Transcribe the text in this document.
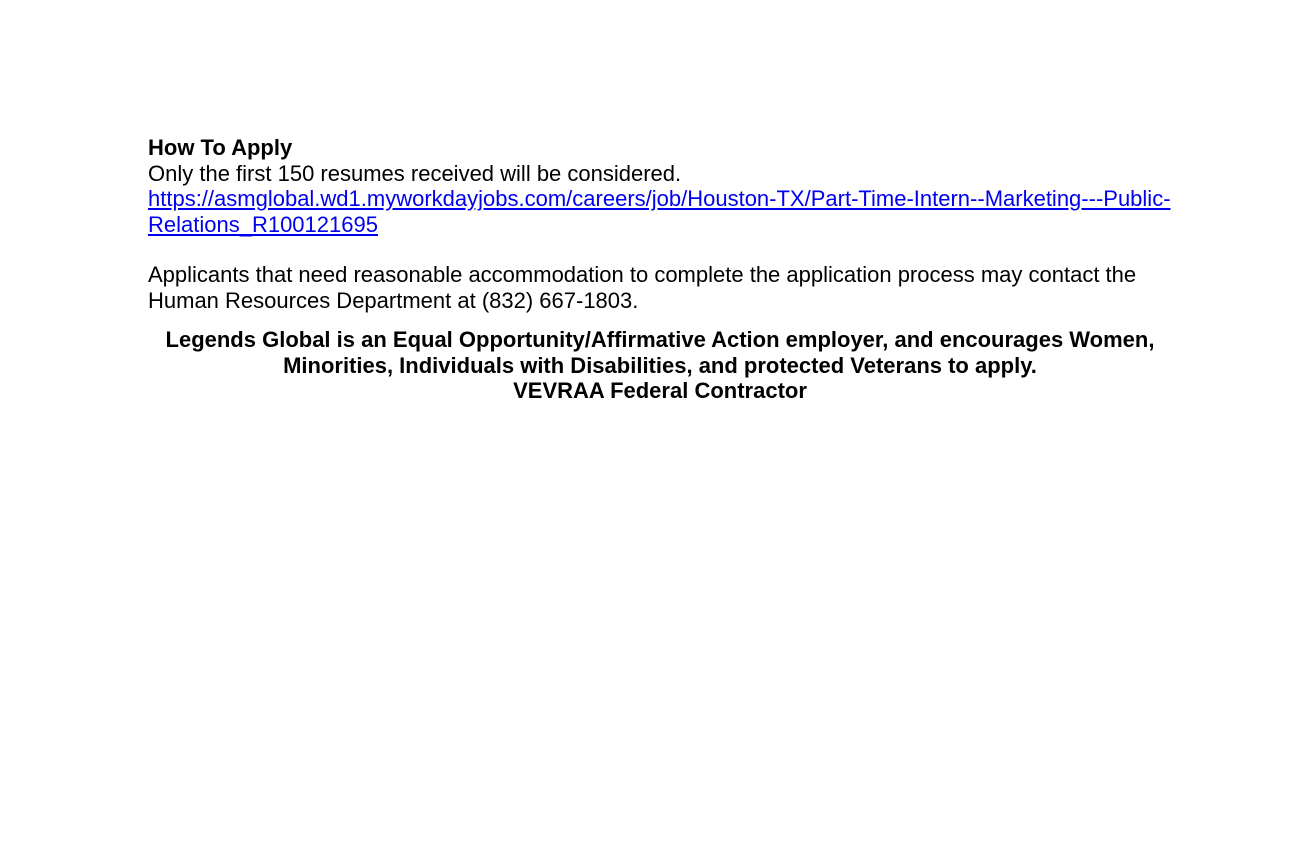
How To Apply
Only the first 150 resumes received will be considered.
https://asmglobal.wd1.myworkdayjobs.com/careers/job/Houston-TX/Part-Time-Intern--Marketing---Public-
Relations_R100121695
Applicants that need reasonable accommodation to complete the application process may contact the
Human Resources Department at (832) 667-1803.
Legends Global is an Equal Opportunity/Affirmative Action employer, and encourages Women,
Minorities, Individuals with Disabilities, and protected Veterans to apply.
VEVRAA Federal Contractor
